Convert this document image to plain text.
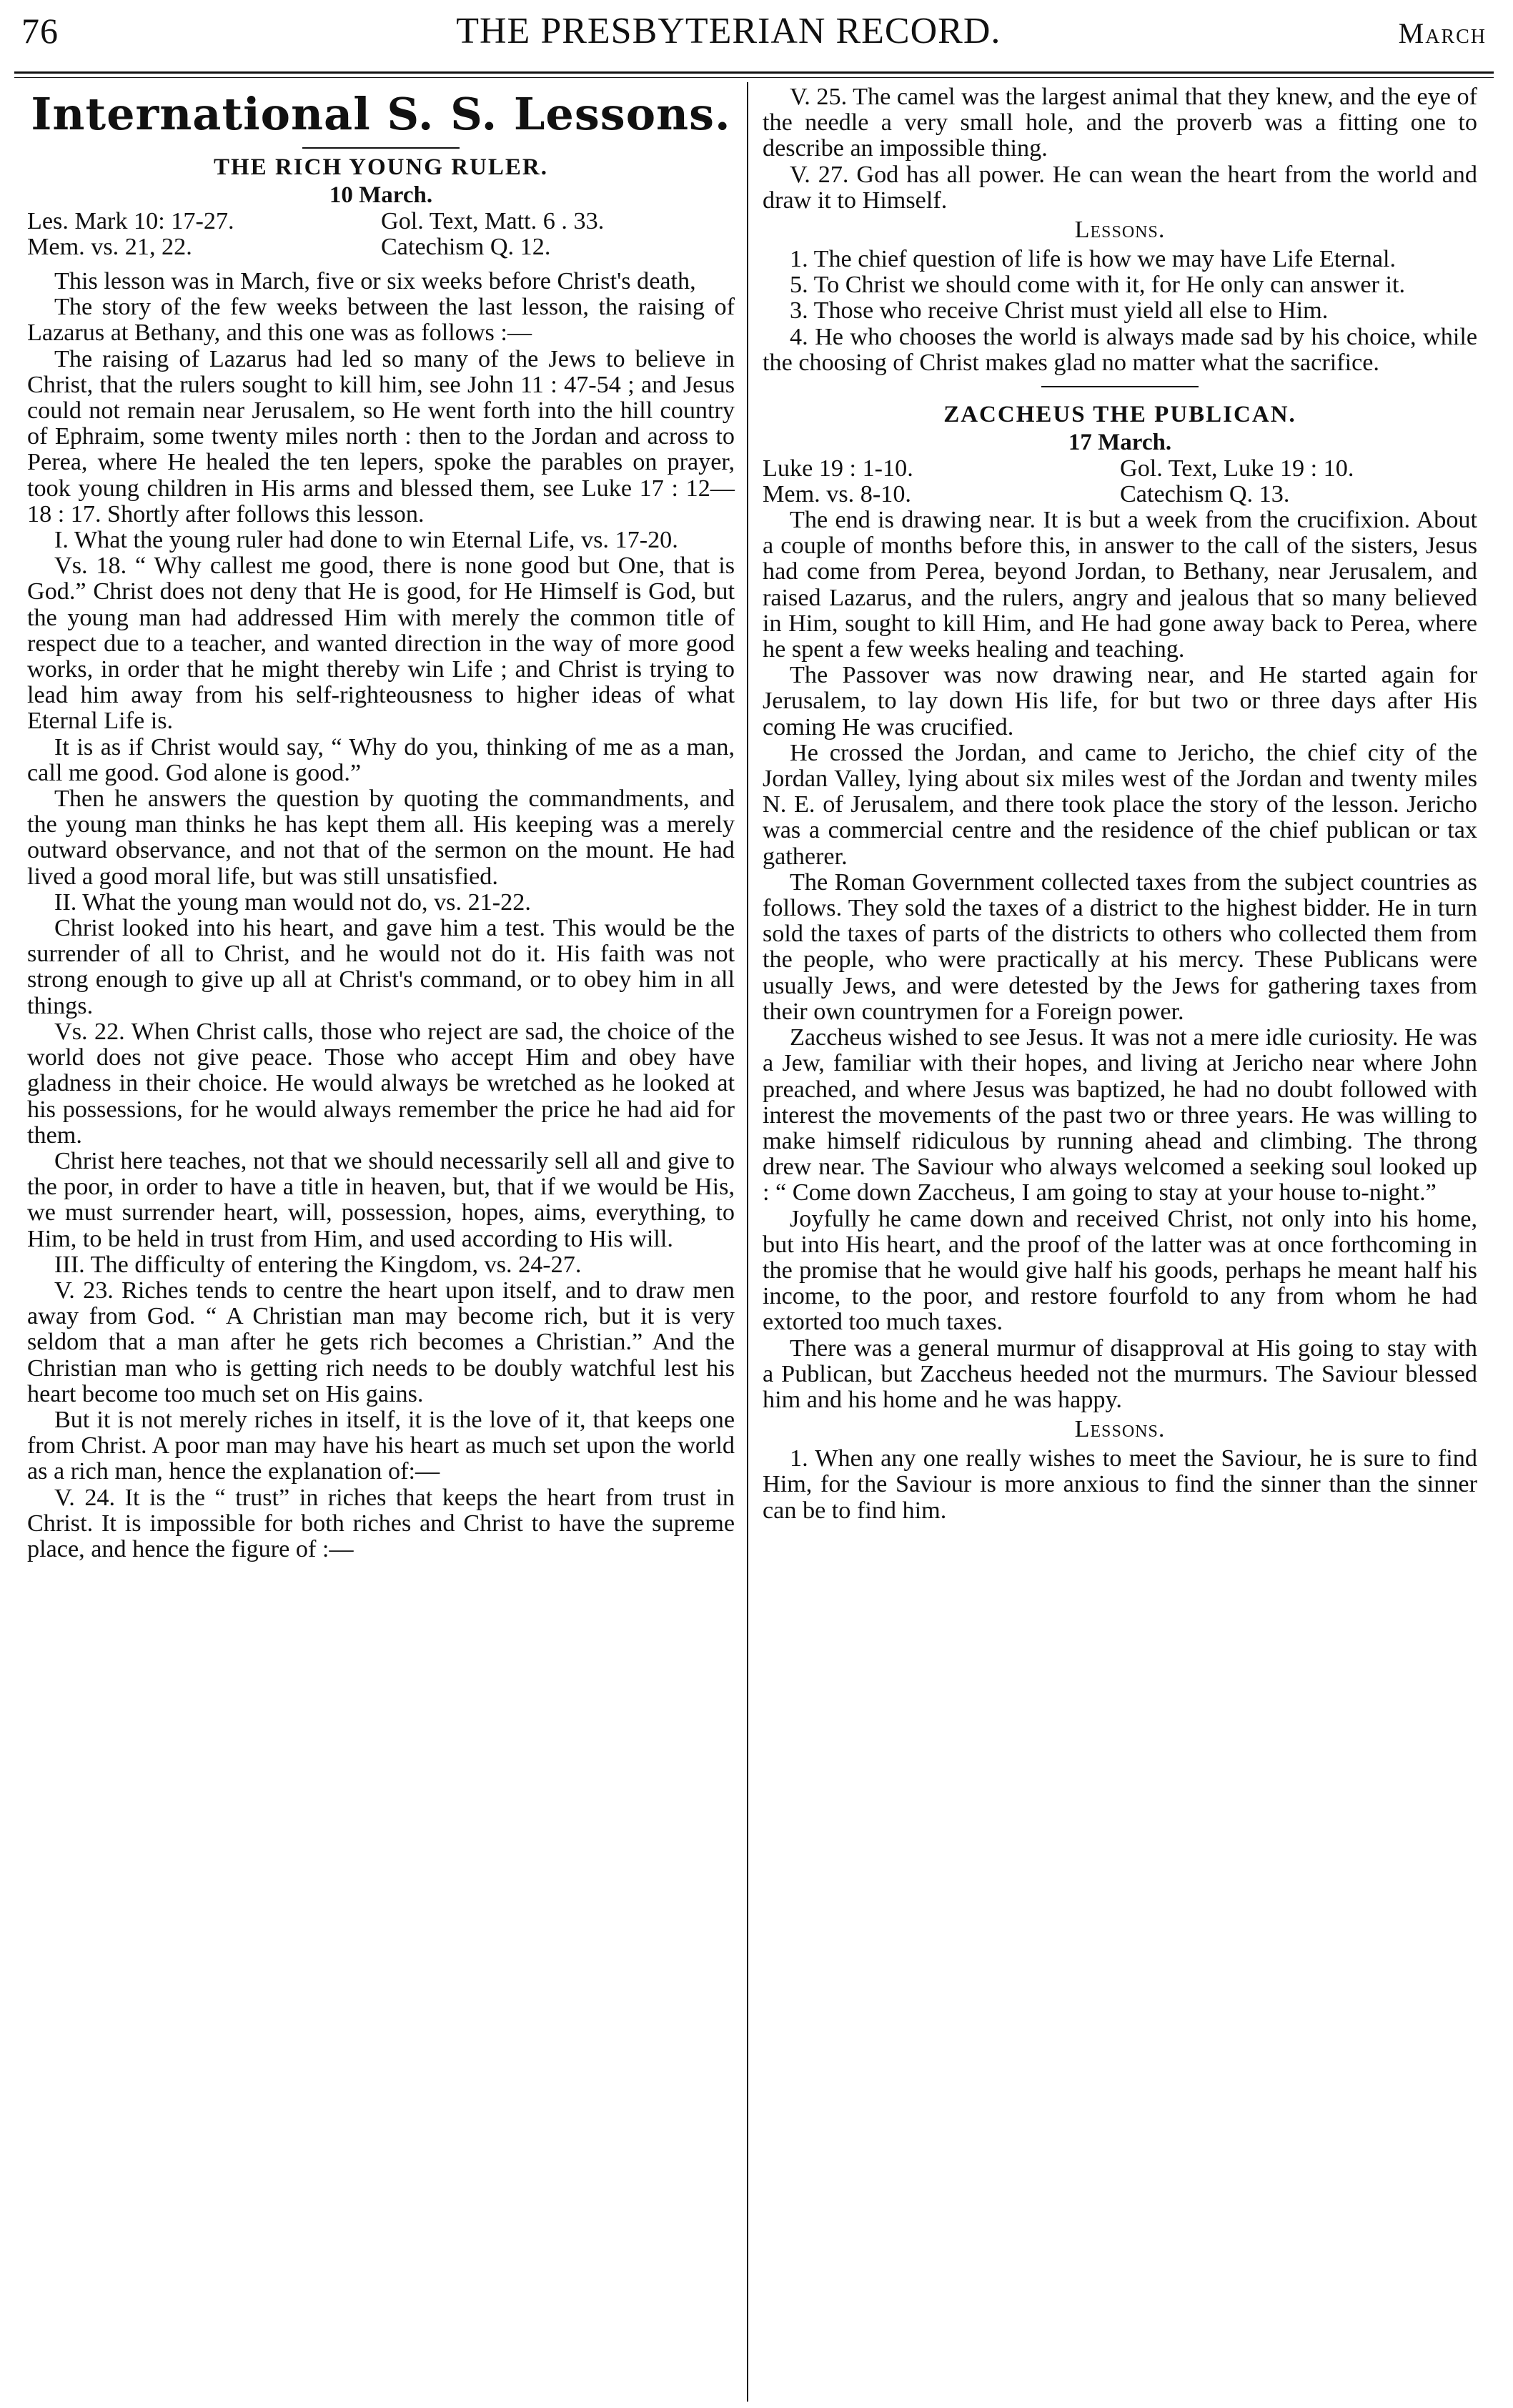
76	THE PRESBYTERIAN RECORD.	March
International S. S. Lessons.
THE RICH YOUNG RULER.
10 March.
Les. Mark 10: 17-27.	Gol. Text, Matt. 6 . 33.
Mem. vs. 21, 22.	Catechism Q. 12.

This lesson was in March, five or six weeks before Christ's death,

The story of the few weeks between the last lesson, the raising of Lazarus at Bethany, and this one was as follows :—

The raising of Lazarus had led so many of the Jews to believe in Christ, that the rulers sought to kill him, see John 11 : 47-54 ; and Jesus could not remain near Jerusalem, so He went forth into the hill country of Ephraim, some twenty miles north : then to the Jordan and across to Perea, where He healed the ten lepers, spoke the parables on prayer, took young children in His arms and blessed them, see Luke 17 : 12—18 : 17. Shortly after follows this lesson.

I. What the young ruler had done to win Eternal Life, vs. 17-20.

Vs. 18. “ Why callest me good, there is none good but One, that is God.” Christ does not deny that He is good, for He Himself is God, but the young man had addressed Him with merely the common title of respect due to a teacher, and wanted direction in the way of more good works, in order that he might thereby win Life ; and Christ is trying to lead him away from his self-righteousness to higher ideas of what Eternal Life is.

It is as if Christ would say, “ Why do you, thinking of me as a man, call me good. God alone is good.”

Then he answers the question by quoting the commandments, and the young man thinks he has kept them all. His keeping was a merely outward observance, and not that of the sermon on the mount. He had lived a good moral life, but was still unsatisfied.

II. What the young man would not do, vs. 21-22.

Christ looked into his heart, and gave him a test. This would be the surrender of all to Christ, and he would not do it. His faith was not strong enough to give up all at Christ's command, or to obey him in all things.

Vs. 22. When Christ calls, those who reject are sad, the choice of the world does not give peace. Those who accept Him and obey have gladness in their choice. He would always be wretched as he looked at his possessions, for he would always remember the price he had aid for them.

Christ here teaches, not that we should necessarily sell all and give to the poor, in order to have a title in heaven, but, that if we would be His, we must surrender heart, will, possession, hopes, aims, everything, to Him, to be held in trust from Him, and used according to His will.

III. The difficulty of entering the Kingdom, vs. 24-27.

V. 23. Riches tends to centre the heart upon itself, and to draw men away from God. “ A Christian man may become rich, but it is very seldom that a man after he gets rich becomes a Christian.” And the Christian man who is getting rich needs to be doubly watchful lest his heart become too much set on His gains.

But it is not merely riches in itself, it is the love of it, that keeps one from Christ. A poor man may have his heart as much set upon the world as a rich man, hence the explanation of:—

V. 24. It is the “ trust” in riches that keeps the heart from trust in Christ. It is impossible for both riches and Christ to have the supreme place, and hence the figure of :—

V. 25. The camel was the largest animal that they knew, and the eye of the needle a very small hole, and the proverb was a fitting one to describe an impossible thing.

V. 27. God has all power. He can wean the heart from the world and draw it to Himself.

Lessons.

1. The chief question of life is how we may have Life Eternal.

5. To Christ we should come with it, for He only can answer it.

3. Those who receive Christ must yield all else to Him.

4. He who chooses the world is always made sad by his choice, while the choosing of Christ makes glad no matter what the sacrifice.

ZACCHEUS THE PUBLICAN.
17 March.
Luke 19 : 1-10.	Gol. Text, Luke 19 : 10.
Mem. vs. 8-10.	Catechism Q. 13.

The end is drawing near. It is but a week from the crucifixion. About a couple of months before this, in answer to the call of the sisters, Jesus had come from Perea, beyond Jordan, to Bethany, near Jerusalem, and raised Lazarus, and the rulers, angry and jealous that so many believed in Him, sought to kill Him, and He had gone away back to Perea, where he spent a few weeks healing and teaching.

The Passover was now drawing near, and He started again for Jerusalem, to lay down His life, for but two or three days after His coming He was crucified.

He crossed the Jordan, and came to Jericho, the chief city of the Jordan Valley, lying about six miles west of the Jordan and twenty miles N. E. of Jerusalem, and there took place the story of the lesson. Jericho was a commercial centre and the residence of the chief publican or tax gatherer.

The Roman Government collected taxes from the subject countries as follows. They sold the taxes of a district to the highest bidder. He in turn sold the taxes of parts of the districts to others who collected them from the people, who were practically at his mercy. These Publicans were usually Jews, and were detested by the Jews for gathering taxes from their own countrymen for a Foreign power.

Zaccheus wished to see Jesus. It was not a mere idle curiosity. He was a Jew, familiar with their hopes, and living at Jericho near where John preached, and where Jesus was baptized, he had no doubt followed with interest the movements of the past two or three years. He was willing to make himself ridiculous by running ahead and climbing. The throng drew near. The Saviour who always welcomed a seeking soul looked up : “ Come down Zaccheus, I am going to stay at your house to-night.”

Joyfully he came down and received Christ, not only into his home, but into His heart, and the proof of the latter was at once forthcoming in the promise that he would give half his goods, perhaps he meant half his income, to the poor, and restore fourfold to any from whom he had extorted too much taxes.

There was a general murmur of disapproval at His going to stay with a Publican, but Zaccheus heeded not the murmurs. The Saviour blessed him and his home and he was happy.

Lessons.

1. When any one really wishes to meet the Saviour, he is sure to find Him, for the Saviour is more anxious to find the sinner than the sinner can be to find him.
